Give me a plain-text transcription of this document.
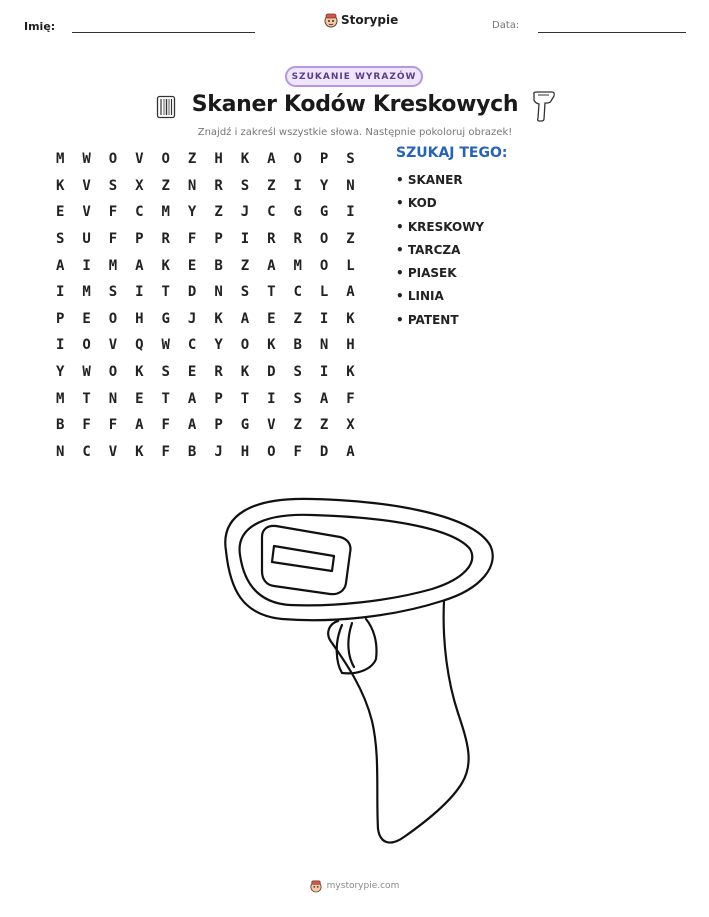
Imię:	Storypie	Data:
SZUKANIE WYRAZÓW
Skaner Kodów Kreskowych
Znajdź i zakreśl wszystkie słowa. Następnie pokoloruj obrazek!
M	W	O	V	O	Z	H	K	A	O	P	S
K	V	S	X	Z	N	R	S	Z	I	Y	N
E	V	F	C	M	Y	Z	J	C	G	G	I
S	U	F	P	R	F	P	I	R	R	O	Z
A	I	M	A	K	E	B	Z	A	M	O	L
I	M	S	I	T	D	N	S	T	C	L	A
P	E	O	H	G	J	K	A	E	Z	I	K
I	O	V	Q	W	C	Y	O	K	B	N	H
Y	W	O	K	S	E	R	K	D	S	I	K
M	T	N	E	T	A	P	T	I	S	A	F
B	F	F	A	F	A	P	G	V	Z	Z	X
N	C	V	K	F	B	J	H	O	F	D	A
SZUKAJ TEGO:
• SKANER
• KOD
• KRESKOWY
• TARCZA
• PIASEK
• LINIA
• PATENT
mystorypie.com
